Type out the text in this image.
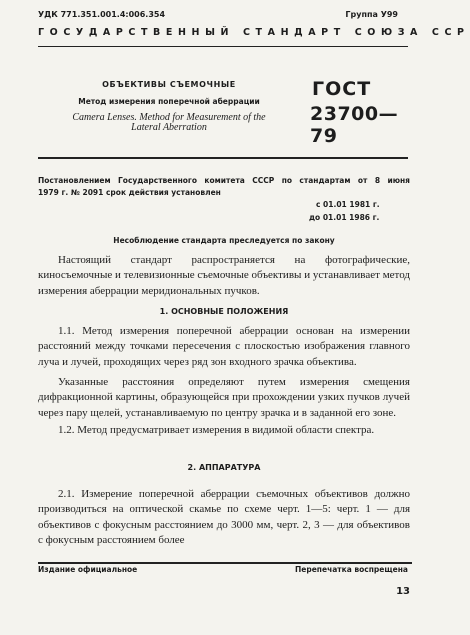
УДК 771.351.001.4:006.354	Группа У99
ГОСУДАРСТВЕННЫЙ СТАНДАРТ СОЮЗА ССР
ОБЪЕКТИВЫ СЪЕМОЧНЫЕ
Метод измерения поперечной аберрации
Camera Lenses. Method for Measurement of the
Lateral Aberration
ГОСТ
23700—79
Постановлением Государственного комитета СССР по стандартам от 8 июня
1979 г. № 2091 срок действия установлен
с 01.01 1981 г.
до 01.01 1986 г.
Несоблюдение стандарта преследуется по закону
Настоящий стандарт распространяется на фотографические, киносъемочные и телевизионные съемочные объективы и устанавливает метод измерения аберрации меридиональных пучков.
1. ОСНОВНЫЕ ПОЛОЖЕНИЯ
1.1. Метод измерения поперечной аберрации основан на измерении расстояний между точками пересечения с плоскостью изображения главного луча и лучей, проходящих через ряд зон входного зрачка объектива.
Указанные расстояния определяют путем измерения смещения дифракционной картины, образующейся при прохождении узких пучков лучей через пару щелей, устанавливаемую по центру зрачка и в заданной его зоне.
1.2. Метод предусматривает измерения в видимой области спектра.
2. АППАРАТУРА
2.1. Измерение поперечной аберрации съемочных объективов должно производиться на оптической скамье по схеме черт. 1—5: черт. 1 — для объективов с фокусным расстоянием до 3000 мм, черт. 2, 3 — для объективов с фокусным расстоянием более
Издание официальное	Перепечатка воспрещена
13
